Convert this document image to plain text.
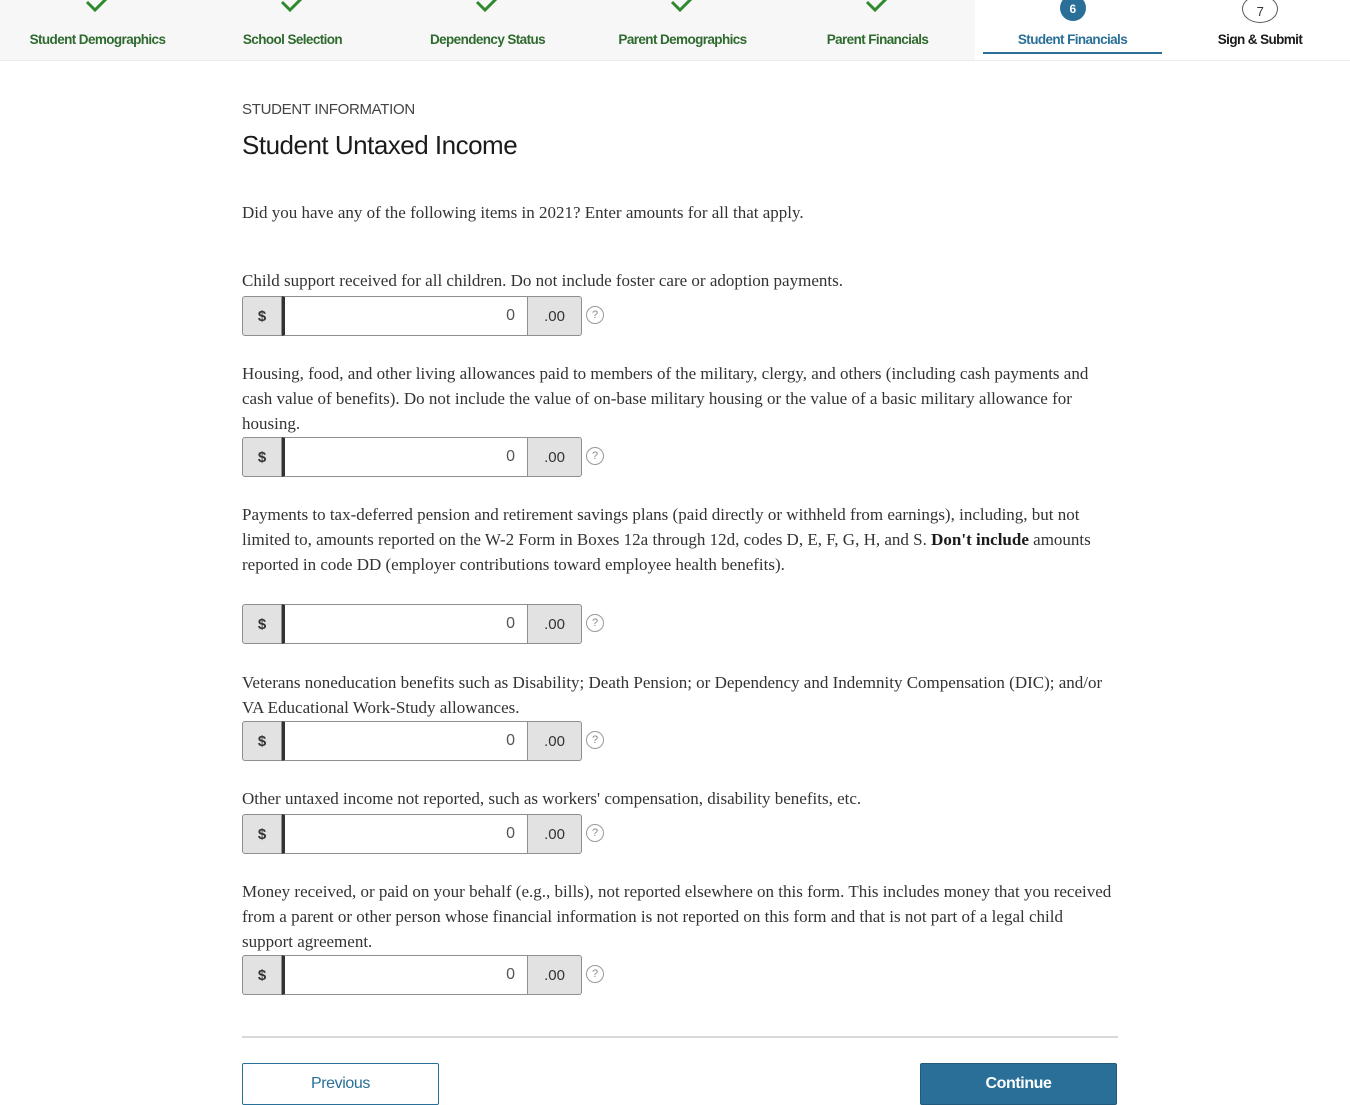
Student Demographics	School Selection	Dependency Status	Parent Demographics	Parent Financials
6
Student Financials
7
Sign & Submit
STUDENT INFORMATION
Student Untaxed Income
Did you have any of the following items in 2021? Enter amounts for all that apply.
Child support received for all children. Do not include foster care or adoption payments.
$
0	.00	?
Housing, food, and other living allowances paid to members of the military, clergy, and others (including cash payments and cash value of benefits). Do not include the value of on-base military housing or the value of a basic military allowance for housing.
$
0	.00	?
Payments to tax-deferred pension and retirement savings plans (paid directly or withheld from earnings), including, but not limited to, amounts reported on the W-2 Form in Boxes 12a through 12d, codes D, E, F, G, H, and S. Don't include amounts reported in code DD (employer contributions toward employee health benefits).
$
0	.00	?
Veterans noneducation benefits such as Disability; Death Pension; or Dependency and Indemnity Compensation (DIC); and/or VA Educational Work-Study allowances.
$
0	.00	?
Other untaxed income not reported, such as workers' compensation, disability benefits, etc.
$
0	.00	?
Money received, or paid on your behalf (e.g., bills), not reported elsewhere on this form. This includes money that you received from a parent or other person whose financial information is not reported on this form and that is not part of a legal child support agreement.
$
0	.00	?
Previous	Continue
